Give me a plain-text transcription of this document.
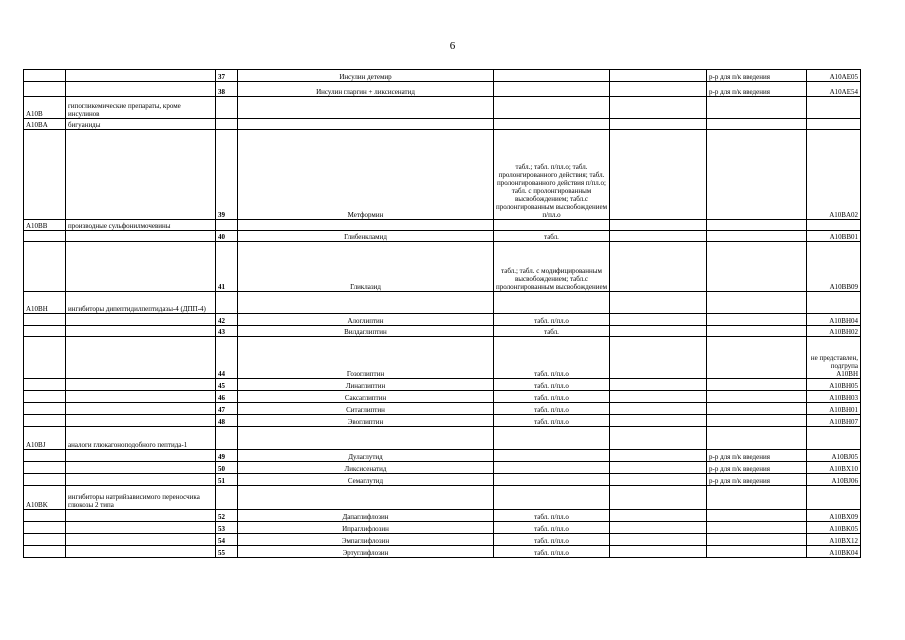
6
		37	Инсулин детемир			р-р для п/к введения	A10AE05
		38	Инсулин гларгин + ликсисенатид			р-р для п/к введения	A10AE54
A10B	гипогликемические препараты, кроме инсулинов						
A10BA	бигуаниды						
		39	Метформин	табл.; табл. п/пл.о; табл. пролонгированного действия; табл. пролонгированного действия п/пл.о; табл. с пролонгированным высвобождением; табл.с пролонгированным высвобождением п/пл.о			A10BA02
A10BB	производные сульфонилмочевины						
		40	Глибенкламид	табл.			A10BB01
		41	Гликлазид	табл.; табл. с модифицированным высвобождением; табл.с пролонгированным высвобождением			A10BB09
A10BH	ингибиторы дипептидилпептидазы-4 (ДПП-4)						
		42	Алоглиптин	табл. п/пл.о			A10BH04
		43	Вилдаглиптин	табл.			A10BH02
		44	Гозоглиптин	табл. п/пл.о			не представлен, подгрупа A10BH
		45	Линаглиптин	табл. п/пл.о			A10BH05
		46	Саксаглиптин	табл. п/пл.о			A10BH03
		47	Ситаглиптин	табл. п/пл.о			A10BH01
		48	Эвоглиптин	табл. п/пл.о			A10BH07
A10BJ	аналоги глюкагоноподобного пептида-1						
		49	Дулаглутид			р-р для п/к введения	A10BJ05
		50	Ликсисенатид			р-р для п/к введения	A10BX10
		51	Семаглутид			р-р для п/к введения	A10BJ06
A10BK	ингибиторы натрийзависимого переносчика глюкозы 2 типа						
		52	Дапаглифлозин	табл. п/пл.о			A10BX09
		53	Ипраглифлозин	табл. п/пл.о			A10BK05
		54	Эмпаглифлозин	табл. п/пл.о			A10BX12
		55	Эртуглифлозин	табл. п/пл.о			A10BK04
